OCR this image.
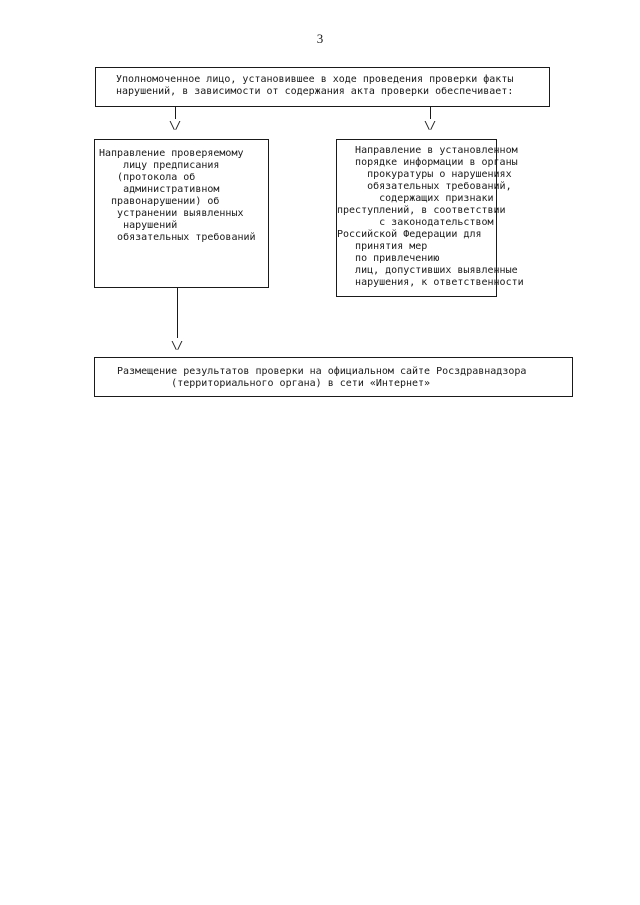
3
Уполномоченное лицо, установившее в ходе проведения проверки факты
нарушений, в зависимости от содержания акта проверки обеспечивает:
\/	\/
Направление проверяемому
лицу предписания
(протокола об
административном
правонарушении) об
устранении выявленных
нарушений
обязательных требований
Направление в установленном
порядке информации в органы
прокуратуры о нарушениях
обязательных требований,
содержащих признаки
преступлений, в соответствии
с законодательством
Российской Федерации для
принятия мер
по привлечению
лиц, допустивших выявленные
нарушения, к ответственности
\/
Размещение результатов проверки на официальном сайте Росздравнадзора
(территориального органа) в сети «Интернет»
